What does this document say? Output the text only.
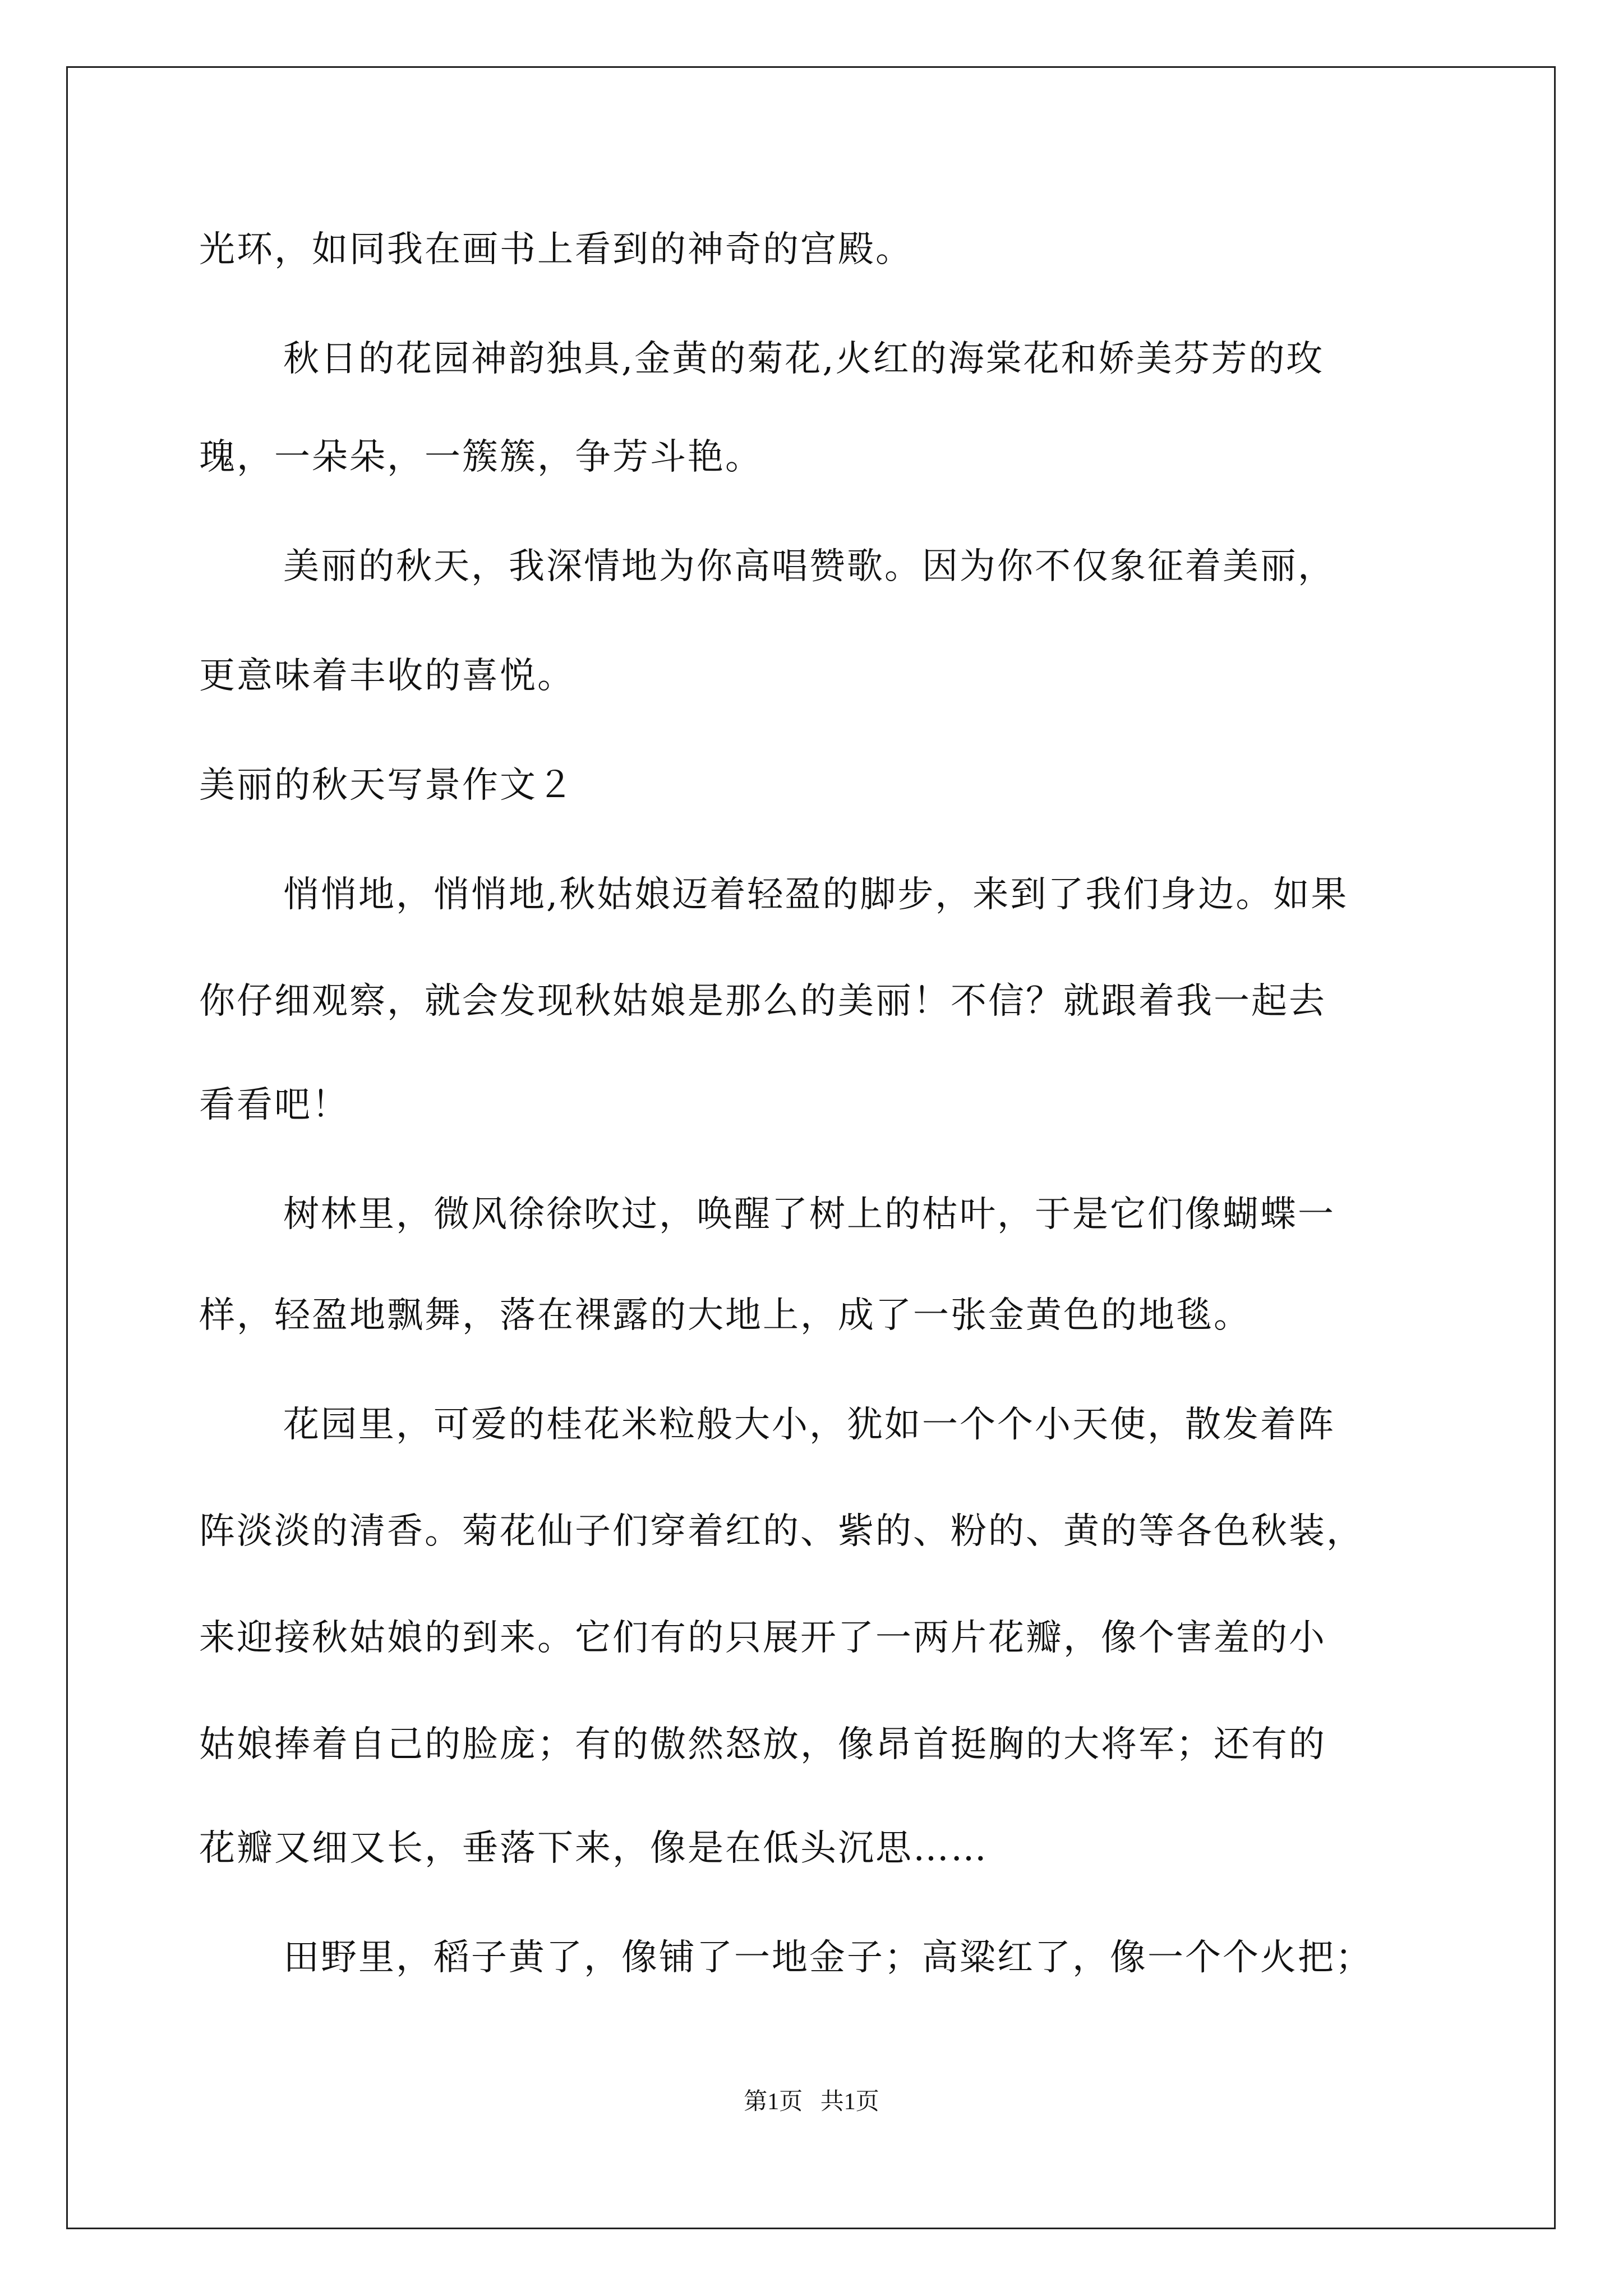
光环，如同我在画书上看到的神奇的宫殿。
秋日的花园神韵独具,金黄的菊花,火红的海棠花和娇美芬芳的玫
瑰，一朵朵，一簇簇，争芳斗艳。
美丽的秋天，我深情地为你高唱赞歌。因为你不仅象征着美丽，
更意味着丰收的喜悦。
美丽的秋天写景作文２
悄悄地，悄悄地,秋姑娘迈着轻盈的脚步，来到了我们身边。如果
你仔细观察，就会发现秋姑娘是那么的美丽！不信？就跟着我一起去
看看吧！
树林里，微风徐徐吹过，唤醒了树上的枯叶，于是它们像蝴蝶一
样，轻盈地飘舞，落在裸露的大地上，成了一张金黄色的地毯。
花园里，可爱的桂花米粒般大小，犹如一个个小天使，散发着阵
阵淡淡的清香。菊花仙子们穿着红的、紫的、粉的、黄的等各色秋装，
来迎接秋姑娘的到来。它们有的只展开了一两片花瓣，像个害羞的小
姑娘捧着自己的脸庞；有的傲然怒放，像昂首挺胸的大将军；还有的
花瓣又细又长，垂落下来，像是在低头沉思……
田野里，稻子黄了，像铺了一地金子；高粱红了，像一个个火把；
第1页   共1页
